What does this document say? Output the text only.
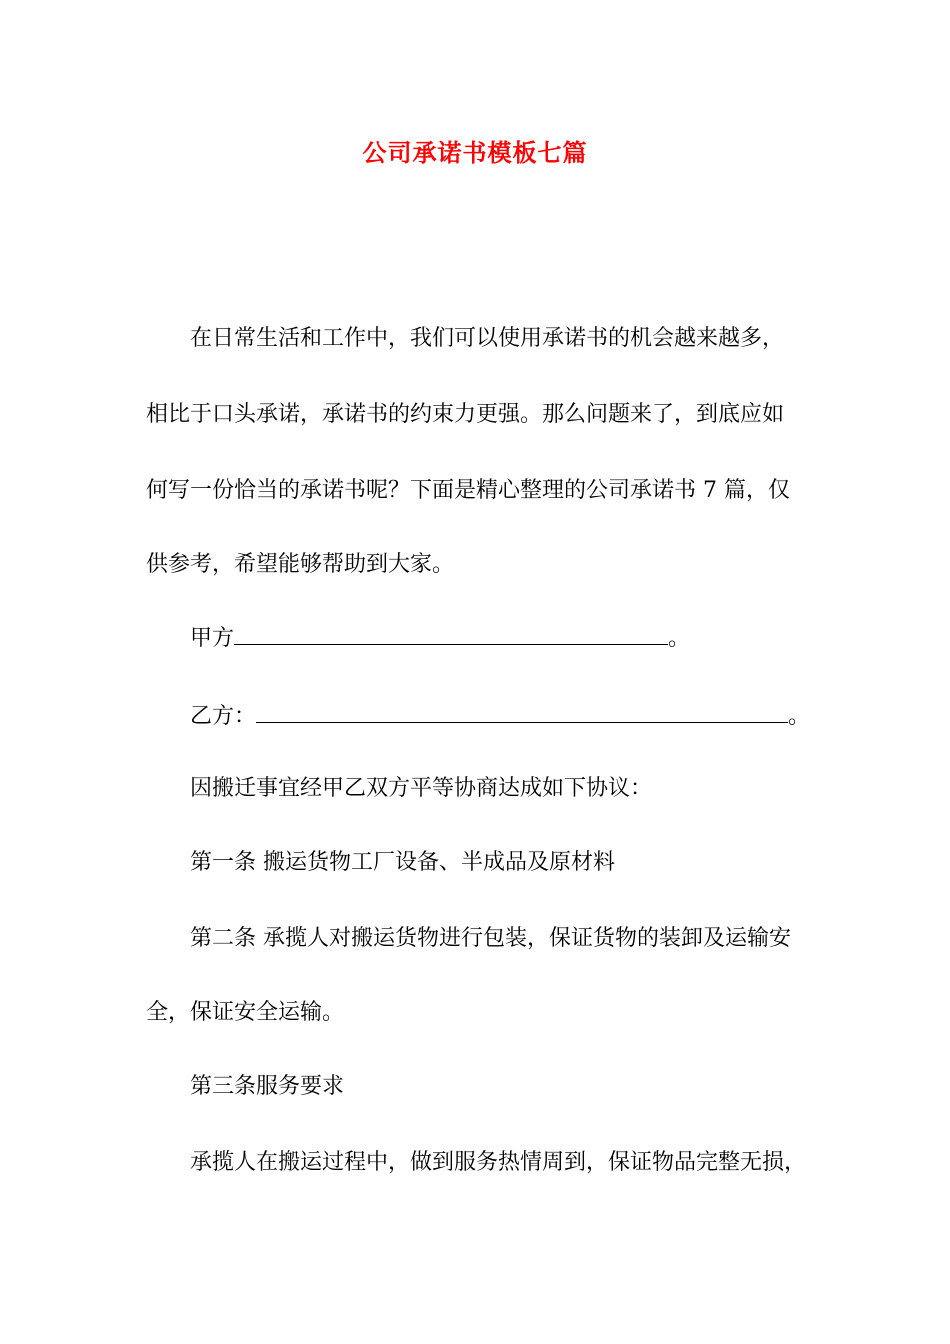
公司承诺书模板七篇
在日常生活和工作中，我们可以使用承诺书的机会越来越多，
相比于口头承诺，承诺书的约束力更强。那么问题来了，到底应如
何写一份恰当的承诺书呢？下面是精心整理的公司承诺书 7 篇，仅
供参考，希望能够帮助到大家。
甲方	。
乙方：	。
因搬迁事宜经甲乙双方平等协商达成如下协议：
第一条 搬运货物工厂设备、半成品及原材料
第二条 承揽人对搬运货物进行包装，保证货物的装卸及运输安
全，保证安全运输。
第三条服务要求
承揽人在搬运过程中，做到服务热情周到，保证物品完整无损，
